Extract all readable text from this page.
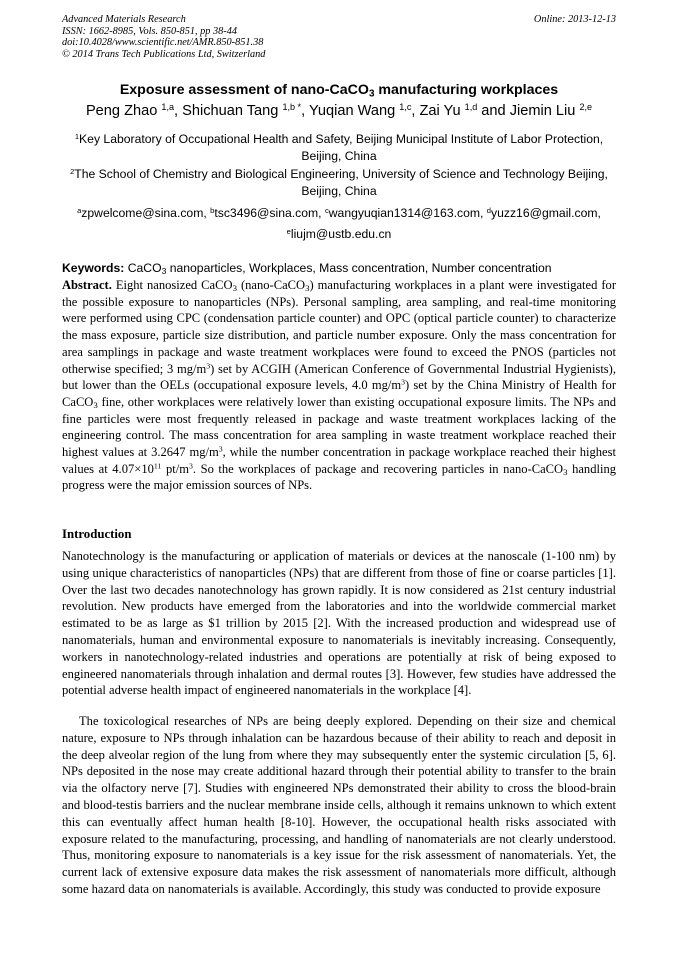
Advanced Materials Research
ISSN: 1662-8985, Vols. 850-851, pp 38-44
doi:10.4028/www.scientific.net/AMR.850-851.38
© 2014 Trans Tech Publications Ltd, Switzerland
Online: 2013-12-13
Exposure assessment of nano-CaCO$_3$ manufacturing workplaces
Peng Zhao $^{1,a}$, Shichuan Tang $^{1,b *}$, Yuqian Wang $^{1,c}$, Zai Yu $^{1,d}$ and Jiemin Liu $^{2,e}$
$^1$Key Laboratory of Occupational Health and Safety, Beijing Municipal Institute of Labor Protection, Beijing, China
$^2$The School of Chemistry and Biological Engineering, University of Science and Technology Beijing, Beijing, China
$^a$zpwelcome@sina.com, $^b$tsc3496@sina.com, $^c$wangyuqian1314@163.com, $^d$yuzz16@gmail.com,
$^e$liujm@ustb.edu.cn
Keywords: CaCO$_3$ nanoparticles, Workplaces, Mass concentration, Number concentration
Abstract. Eight nanosized CaCO$_3$ (nano-CaCO$_3$) manufacturing workplaces in a plant were investigated for the possible exposure to nanoparticles (NPs). Personal sampling, area sampling, and real-time monitoring were performed using CPC (condensation particle counter) and OPC (optical particle counter) to characterize the mass exposure, particle size distribution, and particle number exposure. Only the mass concentration for area samplings in package and waste treatment workplaces were found to exceed the PNOS (particles not otherwise specified; 3 $mg/m^3$) set by ACGIH (American Conference of Governmental Industrial Hygienists), but lower than the OELs (occupational exposure levels, 4.0 $mg/m^3$) set by the China Ministry of Health for CaCO$_3$ fine, other workplaces were relatively lower than existing occupational exposure limits. The NPs and fine particles were most frequently released in package and waste treatment workplaces lacking of the engineering control. The mass concentration for area sampling in waste treatment workplace reached their highest values at 3.2647 $mg/m^3$, while the number concentration in package workplace reached their highest values at $4.07\times 10^{11}$ $pt/m^3$. So the workplaces of package and recovering particles in nano-CaCO$_3$ handling progress were the major emission sources of NPs.
Introduction
Nanotechnology is the manufacturing or application of materials or devices at the nanoscale (1-100 nm) by using unique characteristics of nanoparticles (NPs) that are different from those of fine or coarse particles [1]. Over the last two decades nanotechnology has grown rapidly. It is now considered as 21st century industrial revolution. New products have emerged from the laboratories and into the worldwide commercial market estimated to be as large as $1 trillion by 2015 [2]. With the increased production and widespread use of nanomaterials, human and environmental exposure to nanomaterials is inevitably increasing. Consequently, workers in nanotechnology-related industries and operations are potentially at risk of being exposed to engineered nanomaterials through inhalation and dermal routes [3]. However, few studies have addressed the potential adverse health impact of engineered nanomaterials in the workplace [4].
The toxicological researches of NPs are being deeply explored. Depending on their size and chemical nature, exposure to NPs through inhalation can be hazardous because of their ability to reach and deposit in the deep alveolar region of the lung from where they may subsequently enter the systemic circulation [5, 6]. NPs deposited in the nose may create additional hazard through their potential ability to transfer to the brain via the olfactory nerve [7]. Studies with engineered NPs demonstrated their ability to cross the blood-brain and blood-testis barriers and the nuclear membrane inside cells, although it remains unknown to which extent this can eventually affect human health [8-10]. However, the occupational health risks associated with exposure related to the manufacturing, processing, and handling of nanomaterials are not clearly understood. Thus, monitoring exposure to nanomaterials is a key issue for the risk assessment of nanomaterials. Yet, the current lack of extensive exposure data makes the risk assessment of nanomaterials more difficult, although some hazard data on nanomaterials is available. Accordingly, this study was conducted to provide exposure
